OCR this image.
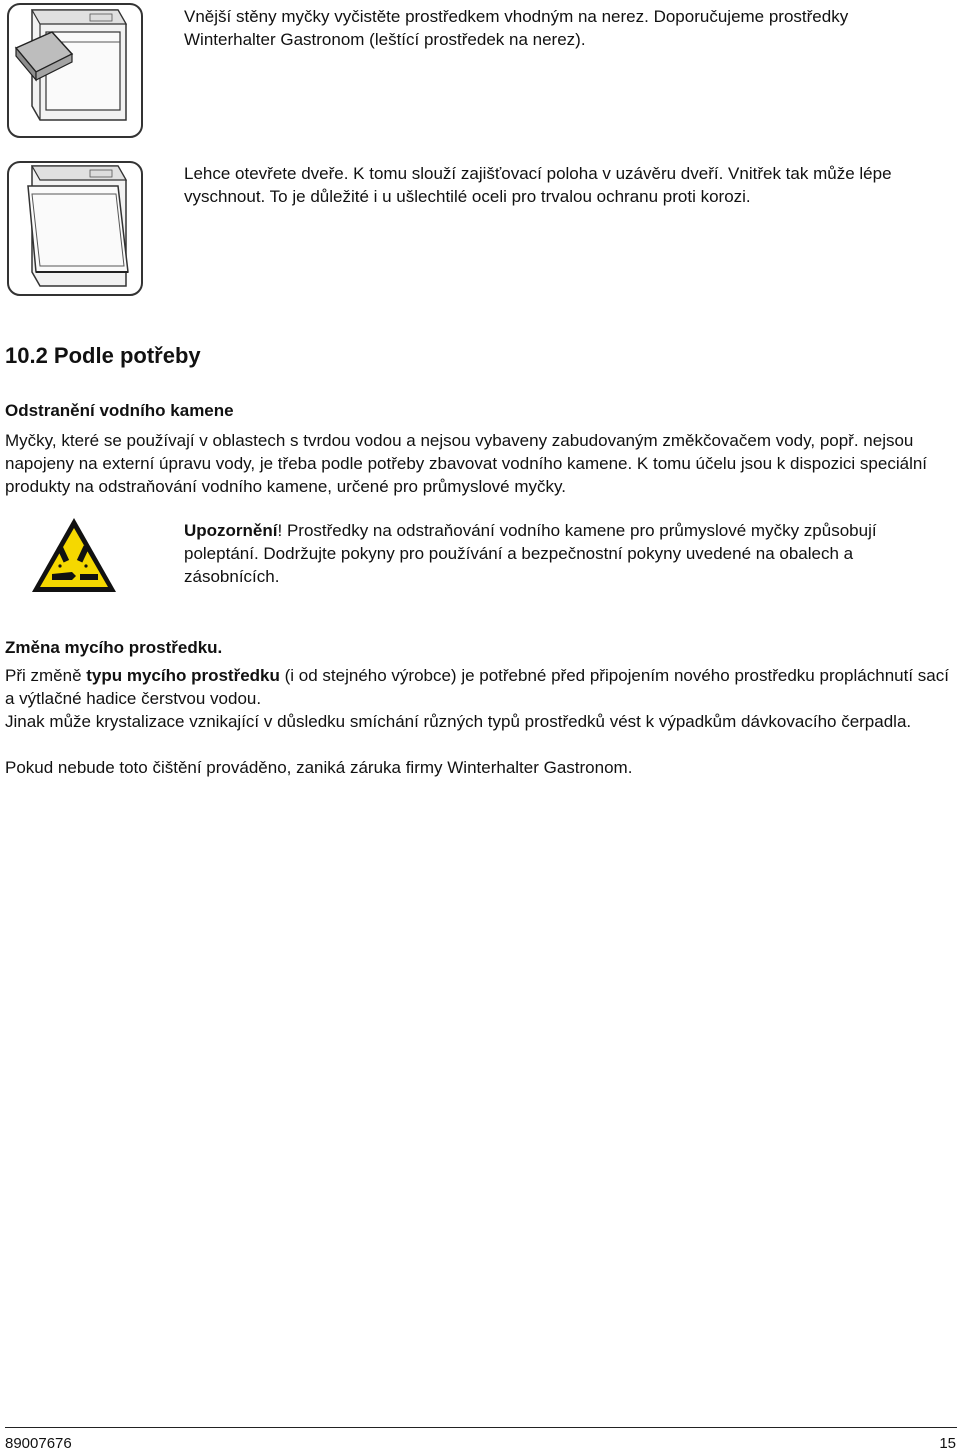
Vnější stěny myčky vyčistěte prostředkem vhodným na nerez. Doporučujeme prostředky Winterhalter Gastronom (leštící prostředek na nerez).

Lehce otevřete dveře. K tomu slouží zajišťovací poloha v uzávěru dveří. Vnitřek tak může lépe vyschnout. To je důležité i u ušlechtilé oceli pro trvalou ochranu proti korozi.

10.2 Podle potřeby
Odstranění vodního kamene

Myčky, které se používají v oblastech s tvrdou vodou a nejsou vybaveny zabudovaným změkčovačem vody, popř. nejsou napojeny na externí úpravu vody, je třeba podle potřeby zbavovat vodního kamene. K tomu účelu jsou k dispozici speciální produkty na odstraňování vodního kamene, určené pro průmyslové myčky.

Upozornění! Prostředky na odstraňování vodního kamene pro průmyslové myčky způsobují poleptání. Dodržujte pokyny pro používání a bezpečnostní pokyny uvedené na obalech a zásobnících.

Změna mycího prostředku.

Při změně typu mycího prostředku (i od stejného výrobce) je potřebné před připojením nového prostředku propláchnutí sací a výtlačné hadice čerstvou vodou.

Jinak může krystalizace vznikající v důsledku smíchání různých typů prostředků vést k výpadkům dávkovacího čerpadla.

Pokud nebude toto čištění prováděno, zaniká záruka firmy Winterhalter Gastronom.

89007676	15
